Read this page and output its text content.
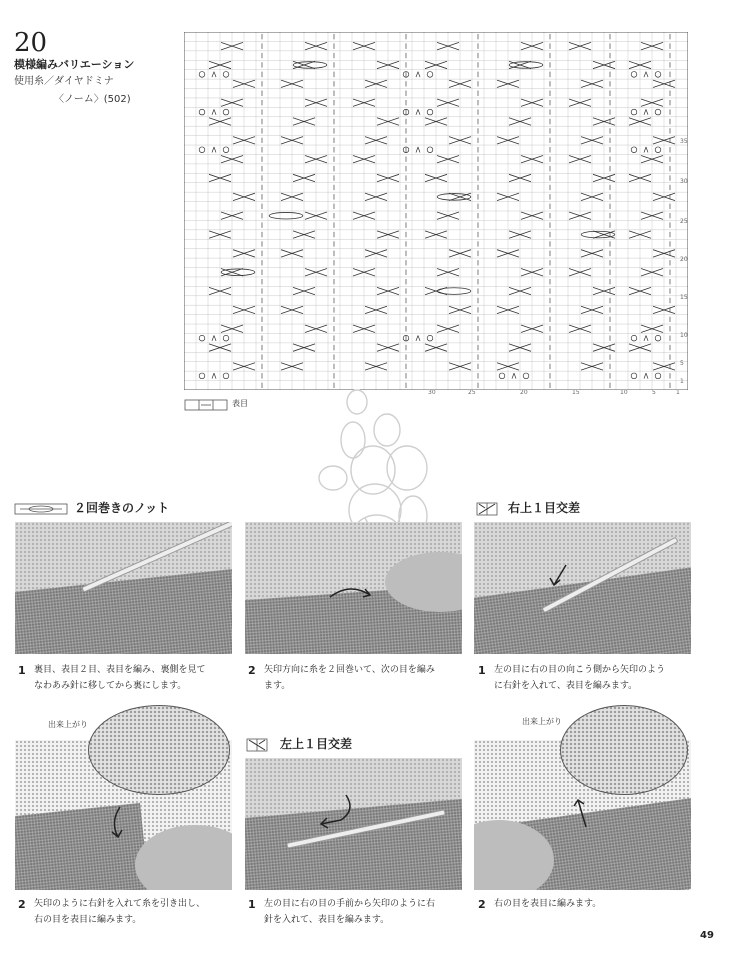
20
模様編みバリエーション
使用糸／ダイヤドミナ
〈ノーム〉(502)
35
30
25
20
15
10
5
1
30	25	20	15	10	5	1
表目
２回巻きのノット	右上１目交差
1 裏目、表目２目、表目を編み、裏側を見て
なわあみ針に移してから裏にします。
2 矢印方向に糸を２回巻いて、次の目を編み
ます。
1 左の目に右の目の向こう側から矢印のよう
に右針を入れて、表目を編みます。
左上１目交差
出来上がり	出来上がり
2 矢印のように右針を入れて糸を引き出し、
右の目を表目に編みます。
1 左の目に右の目の手前から矢印のように右
針を入れて、表目を編みます。
2 右の目を表目に編みます。
49
